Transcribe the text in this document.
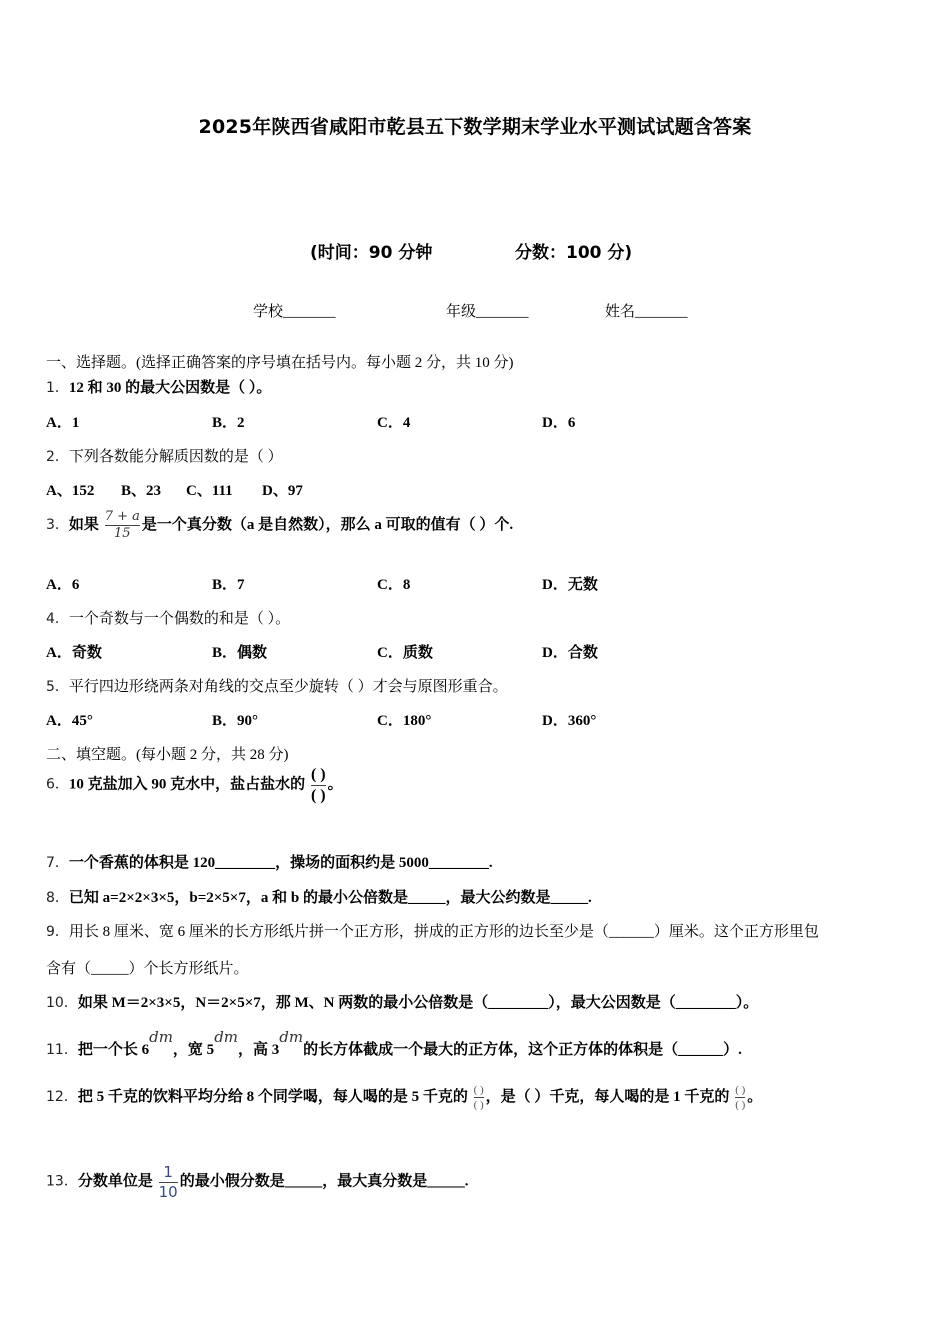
2025年陕西省咸阳市乾县五下数学期末学业水平测试试题含答案
(时间：90 分钟	分数：100 分)
学校_______	年级_______	姓名_______
一、选择题。(选择正确答案的序号填在括号内。每小题 2 分，共 10 分)
1．12 和 30 的最大公因数是（ ）。
A．1	B．2	C．4	D．6
2．下列各数能分解质因数的是（ ）
A、152 B、23 C、111 D、97
3．如果 $\frac{7 + a}{15}$ 是一个真分数（a 是自然数），那么 a 可取的值有（ ）个.
A．6	B．7	C．8	D．无数
4．一个奇数与一个偶数的和是（ ）。
A．奇数	B．偶数	C．质数	D．合数
5．平行四边形绕两条对角线的交点至少旋转（ ）才会与原图形重合。
A．45°	B．90°	C．180°	D．360°
二、填空题。(每小题 2 分，共 28 分)
6．10 克盐加入 90 克水中，盐占盐水的 $\frac{( )}{( )}$ 。
7．一个香蕉的体积是 120________，操场的面积约是 5000________.
8．已知 a=2×2×3×5，b=2×5×7，a 和 b 的最小公倍数是_____，最大公约数是_____.
9．用长 8 厘米、宽 6 厘米的长方形纸片拼一个正方形，拼成的正方形的边长至少是（______）厘米。这个正方形里包
含有（_____）个长方形纸片。
10．如果 M＝2×3×5，N＝2×5×7，那 M、N 两数的最小公倍数是（________），最大公因数是（________）。
11．把一个长 6dm，宽 5dm，高 3dm的长方体截成一个最大的正方体，这个正方体的体积是（______）.
12．把 5 千克的饮料平均分给 8 个同学喝，每人喝的是 5 千克的 $\frac{( )}{( )}$ ，是（ ）千克，每人喝的是 1 千克的 $\frac{( )}{( )}$ 。
13．分数单位是 $\frac{1}{10}$ 的最小假分数是_____，最大真分数是_____.
